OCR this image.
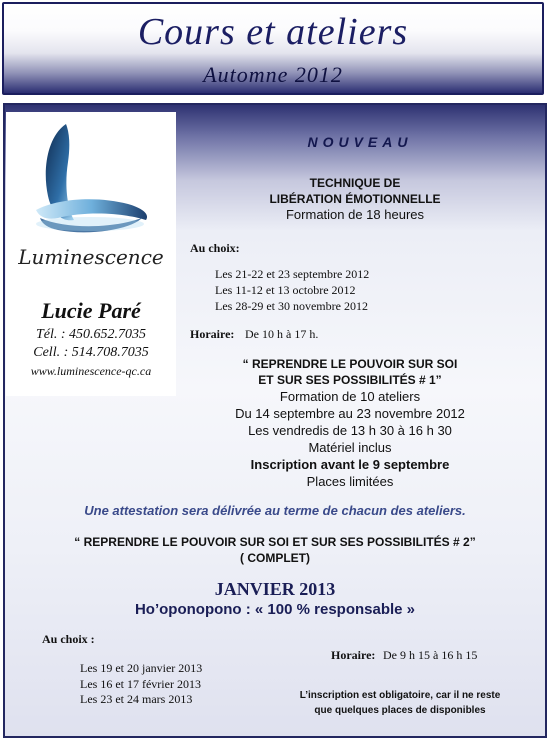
Cours et ateliers
Automne 2012
Luminescence
Lucie Paré
Tél. : 450.652.7035
Cell. : 514.708.7035
www.luminescence-qc.ca
NOUVEAU
TECHNIQUE DE
LIBÉRATION ÉMOTIONNELLE
Formation de 18 heures
Au choix:
Les 21-22 et 23 septembre 2012
Les 11-12 et 13 octobre 2012
Les 28-29 et 30 novembre 2012
Horaire: De 10 h à 17 h.
“ REPRENDRE LE POUVOIR SUR SOI
ET SUR SES POSSIBILITÉS # 1”
Formation de 10 ateliers
Du 14 septembre au 23 novembre 2012
Les vendredis de 13 h 30 à 16 h 30
Matériel inclus
Inscription avant le 9 septembre
Places limitées
Une attestation sera délivrée au terme de chacun des ateliers.
“ REPRENDRE LE POUVOIR SUR SOI ET SUR SES POSSIBILITÉS # 2”
( COMPLET)
JANVIER 2013
Ho’oponopono : « 100 % responsable »
Au choix :
Horaire: De 9 h 15 à 16 h 15
Les 19 et 20 janvier 2013
Les 16 et 17 février 2013
Les 23 et 24 mars 2013	L’inscription est obligatoire, car il ne reste
que quelques places de disponibles
